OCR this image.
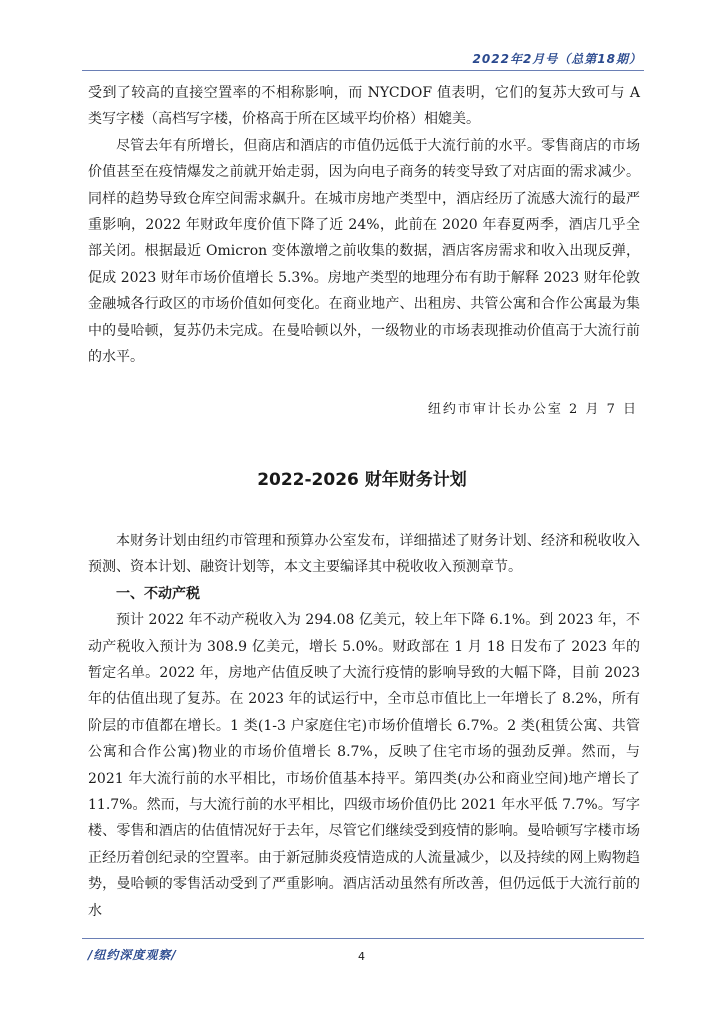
2022年2月号（总第18期）

受到了较高的直接空置率的不相称影响，而 NYCDOF 值表明，它们的复苏大致可与 A 类写字楼（高档写字楼，价格高于所在区域平均价格）相媲美。

尽管去年有所增长，但商店和酒店的市值仍远低于大流行前的水平。零售商店的市场价值甚至在疫情爆发之前就开始走弱，因为向电子商务的转变导致了对店面的需求减少。同样的趋势导致仓库空间需求飙升。在城市房地产类型中，酒店经历了流感大流行的最严重影响，2022 年财政年度价值下降了近 24%，此前在 2020 年春夏两季，酒店几乎全部关闭。根据最近 Omicron 变体激增之前收集的数据，酒店客房需求和收入出现反弹，促成 2023 财年市场价值增长 5.3%。房地产类型的地理分布有助于解释 2023 财年伦敦金融城各行政区的市场价值如何变化。在商业地产、出租房、共管公寓和合作公寓最为集中的曼哈顿，复苏仍未完成。在曼哈顿以外，一级物业的市场表现推动价值高于大流行前的水平。

纽约市审计长办公室 2 月 7 日
2022-2026 财年财务计划

本财务计划由纽约市管理和预算办公室发布，详细描述了财务计划、经济和税收收入预测、资本计划、融资计划等，本文主要编译其中税收收入预测章节。

一、不动产税

预计 2022 年不动产税收入为 294.08 亿美元，较上年下降 6.1%。到 2023 年，不动产税收入预计为 308.9 亿美元，增长 5.0%。财政部在 1 月 18 日发布了 2023 年的暂定名单。2022 年，房地产估值反映了大流行疫情的影响导致的大幅下降，目前 2023 年的估值出现了复苏。在 2023 年的试运行中，全市总市值比上一年增长了 8.2%，所有阶层的市值都在增长。1 类(1-3 户家庭住宅)市场价值增长 6.7%。2 类(租赁公寓、共管公寓和合作公寓)物业的市场价值增长 8.7%，反映了住宅市场的强劲反弹。然而，与 2021 年大流行前的水平相比，市场价值基本持平。第四类(办公和商业空间)地产增长了 11.7%。然而，与大流行前的水平相比，四级市场价值仍比 2021 年水平低 7.7%。写字楼、零售和酒店的估值情况好于去年，尽管它们继续受到疫情的影响。曼哈顿写字楼市场正经历着创纪录的空置率。由于新冠肺炎疫情造成的人流量减少，以及持续的网上购物趋势，曼哈顿的零售活动受到了严重影响。酒店活动虽然有所改善，但仍远低于大流行前的水

/纽约深度观察/	4
